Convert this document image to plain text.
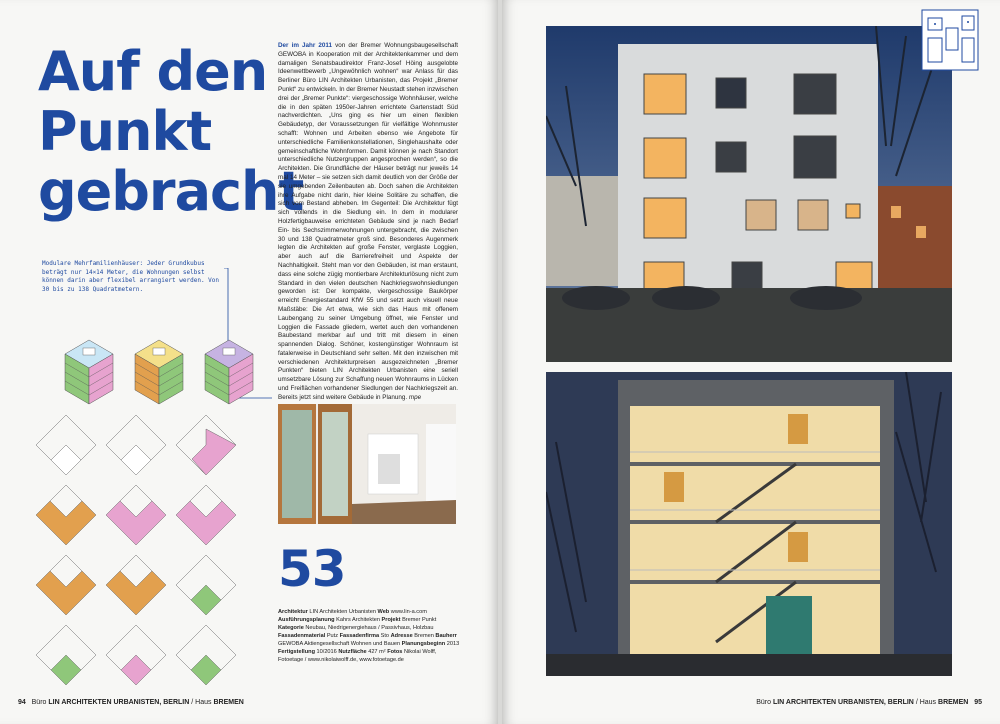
Auf den
Punkt
gebracht
Modulare Mehrfamilienhäuser: Jeder Grundkubus beträgt nur 14×14 Meter, die Wohnungen selbst können darin aber flexibel arrangiert werden. Von 30 bis zu 138 Quadratmetern.
Der im Jahr 2011 von der Bremer Wohnungsbaugesellschaft GEWOBA in Kooperation mit der Architektenkammer und dem damaligen Senatsbaudirektor Franz-Josef Höing ausgelobte Ideenwettbewerb „Ungewöhnlich wohnen“ war Anlass für das Berliner Büro LIN Architekten Urbanisten, das Projekt „Bremer Punkt“ zu entwickeln. In der Bremer Neustadt stehen inzwischen drei der „Bremer Punkte“: viergeschossige Wohnhäuser, welche die in den späten 1950er-Jahren errichtete Gartenstadt Süd nachverdichten. „Uns ging es hier um einen flexiblen Gebäudetyp, der Voraussetzungen für vielfältige Wohnmuster schafft: Wohnen und Arbeiten ebenso wie Angebote für unterschiedliche Familienkonstellationen, Singlehaushalte oder gemeinschaftliche Wohnformen. Damit können je nach Standort unterschiedliche Nutzergruppen angesprochen werden“, so die Architekten. Die Grundfläche der Häuser beträgt nur jeweils 14 mal 14 Meter – sie setzen sich damit deutlich von der Größe der sie umgebenden Zeilenbauten ab. Doch sahen die Architekten ihre Aufgabe nicht darin, hier kleine Solitäre zu schaffen, die sich vom Bestand abheben. Im Gegenteil: Die Architektur fügt sich vollends in die Siedlung ein. In dem in modularer Holzfertigbauweise errichteten Gebäude sind je nach Bedarf Ein- bis Sechszimmerwohnungen untergebracht, die zwischen 30 und 138 Quadratmeter groß sind. Besonderes Augenmerk legten die Architekten auf große Fenster, verglaste Loggien, aber auch auf die Barrierefreiheit und Aspekte der Nachhaltigkeit. Steht man vor den Gebäuden, ist man erstaunt, dass eine solche zügig montierbare Architekturlösung nicht zum Standard in den vielen deutschen Nachkriegswohnsiedlungen geworden ist: Der kompakte, viergeschossige Baukörper erreicht Energiestandard KfW 55 und setzt auch visuell neue Maßstäbe: Die Art etwa, wie sich das Haus mit offenem Laubengang zu seiner Umgebung öffnet, wie Fenster und Loggien die Fassade gliedern, wertet auch den vorhandenen Baubestand merkbar auf und tritt mit diesem in einen spannenden Dialog. Schöner, kostengünstiger Wohnraum ist fatalerweise in Deutschland sehr selten. Mit den inzwischen mit verschiedenen Architekturpreisen ausgezeichneten „Bremer Punkten“ bieten LIN Architekten Urbanisten eine seriell umsetzbare Lösung zur Schaffung neuen Wohnraums in Lücken und Freiflächen vorhandener Siedlungen der Nachkriegszeit an. Bereits jetzt sind weitere Gebäude in Planung. mpe
53
Architektur LIN Architekten Urbanisten Web www.lin-a.com Ausführungsplanung Kahrs Architekten Projekt Bremer Punkt Kategorie Neubau, Niedrigenergiehaus / Passivhaus, Holzbau Fassadenmaterial Putz Fassadenfirma Sto Adresse Bremen Bauherr GEWOBA Aktiengesellschaft Wohnen und Bauen Planungsbeginn 2013 Fertigstellung 10/2016 Nutzfläche 427 m² Fotos Nikolai Wolff, Fotoetage / www.nikolaiwolff.de, www.fotoetage.de
94 Büro LIN ARCHITEKTEN URBANISTEN, BERLIN / Haus BREMEN	Büro LIN ARCHITEKTEN URBANISTEN, BERLIN / Haus BREMEN 95
